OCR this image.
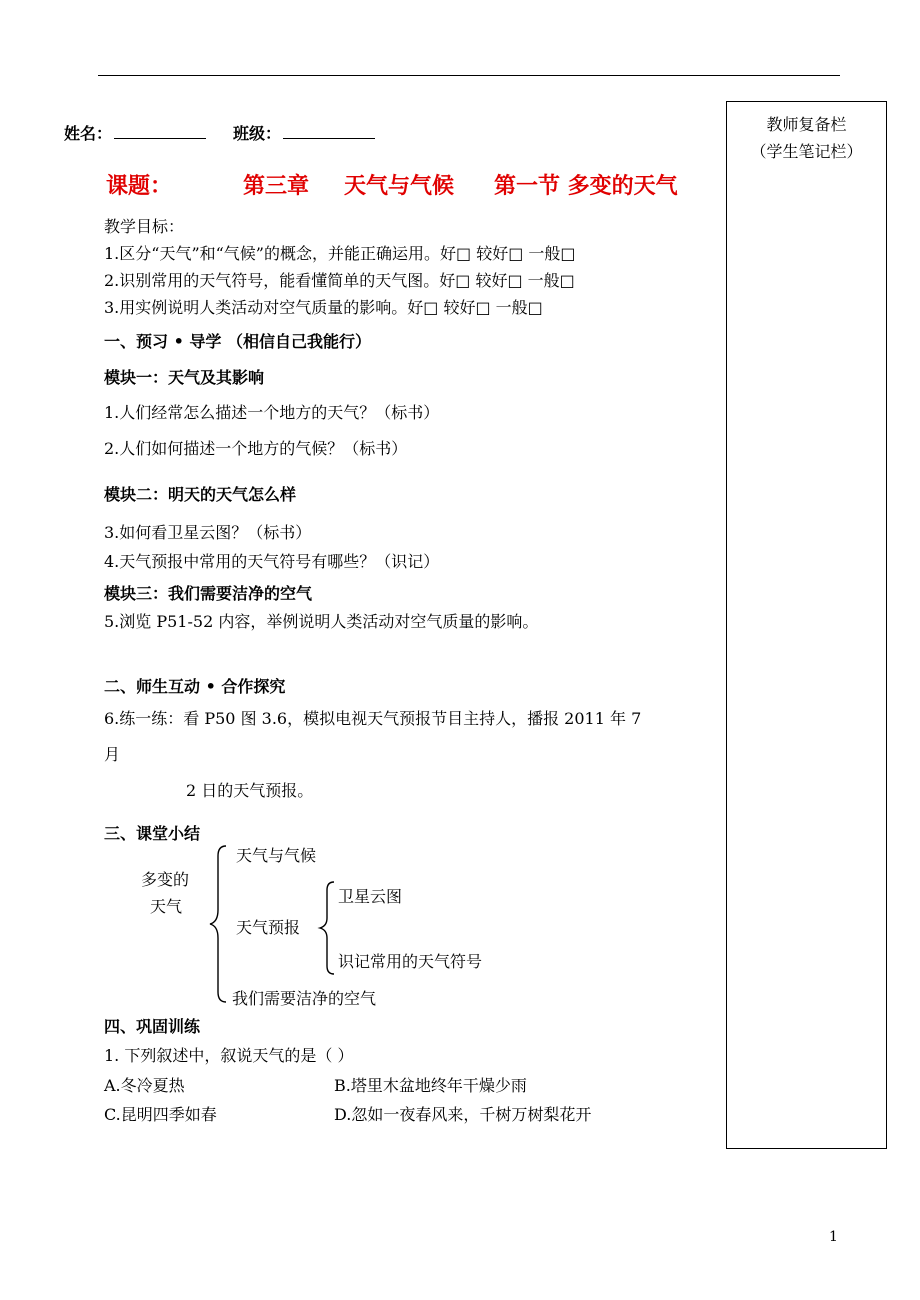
教师复备栏
（学生笔记栏）
姓名：	班级：
课题：	第三章 天气与气候 第一节 多变的天气
教学目标：
1.区分“天气”和“气候”的概念，并能正确运用。好□ 较好□ 一般□
2.识别常用的天气符号，能看懂简单的天气图。好□ 较好□ 一般□
3.用实例说明人类活动对空气质量的影响。好□ 较好□ 一般□
一、预习 • 导学 （相信自己我能行）
模块一：天气及其影响
1.人们经常怎么描述一个地方的天气？（标书）
2.人们如何描述一个地方的气候？（标书）
模块二：明天的天气怎么样
3.如何看卫星云图？（标书）
4.天气预报中常用的天气符号有哪些？（识记）
模块三：我们需要洁净的空气
5.浏览 P51-52 内容，举例说明人类活动对空气质量的影响。
二、师生互动 • 合作探究
6.练一练：看 P50 图 3.6，模拟电视天气预报节目主持人，播报 2011 年 7
月
2 日的天气预报。
三、课堂小结
多变的
天气
天气与气候
天气预报
卫星云图
识记常用的天气符号
我们需要洁净的空气
四、巩固训练
1. 下列叙述中，叙说天气的是（ ）
A.冬冷夏热	B.塔里木盆地终年干燥少雨
C.昆明四季如春	D.忽如一夜春风来，千树万树梨花开
1
